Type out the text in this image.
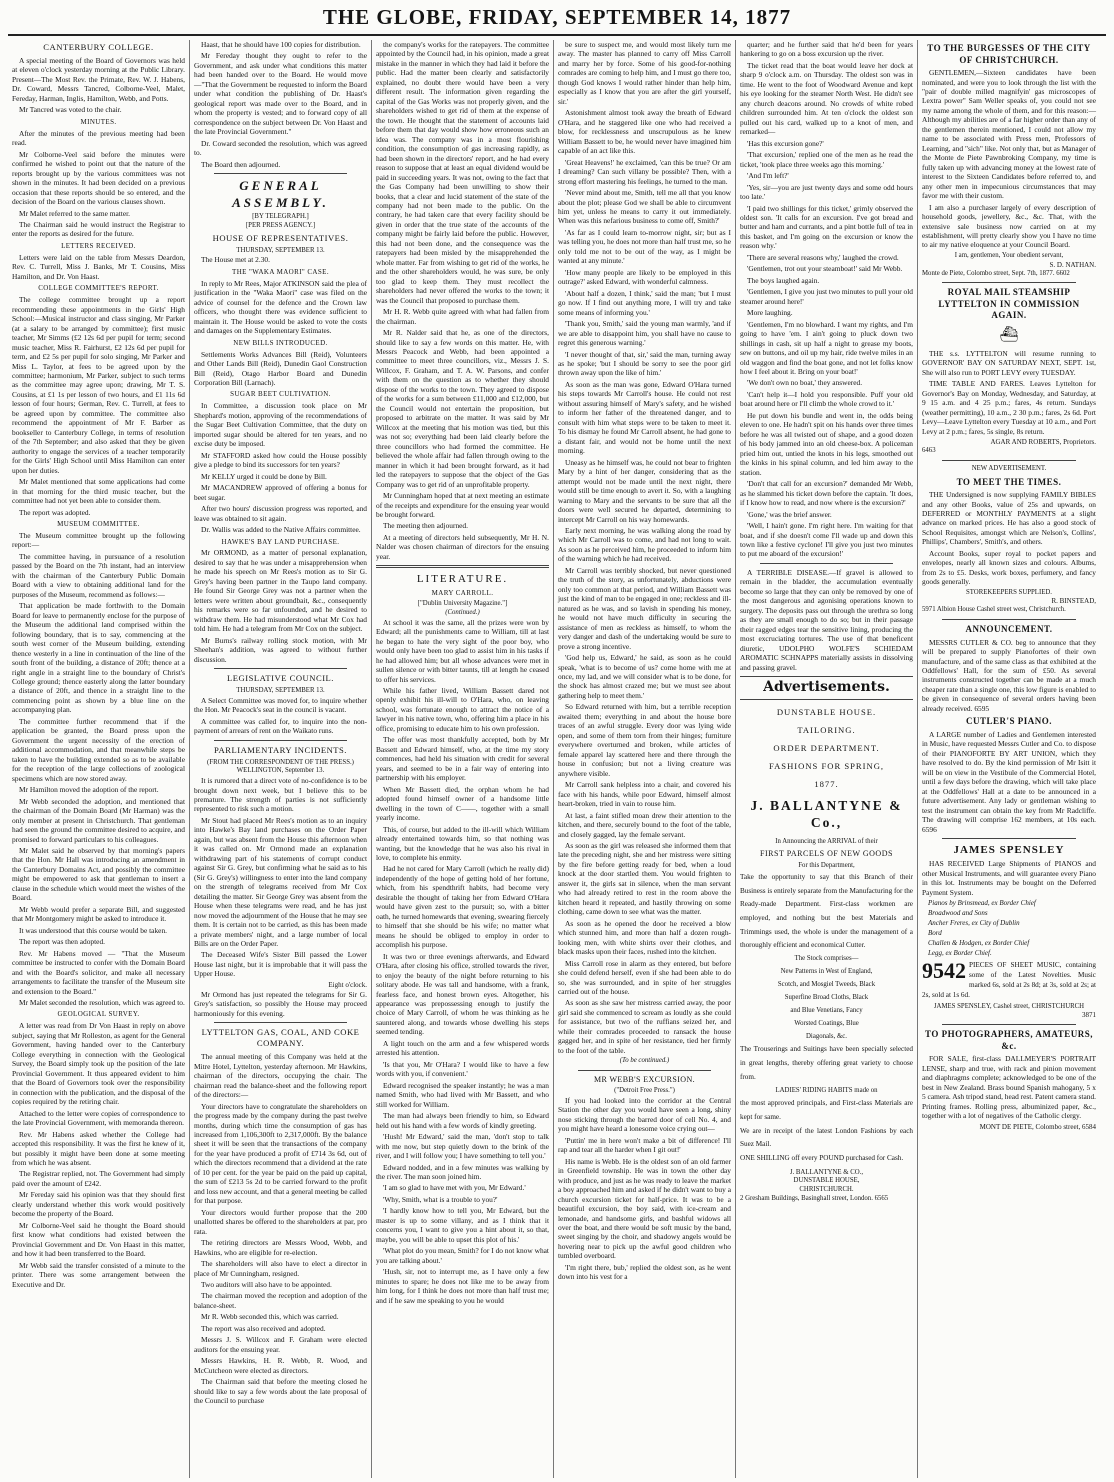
THE GLOBE, FRIDAY, SEPTEMBER 14, 1877
CANTERBURY COLLEGE.

A special meeting of the Board of Governors was held at eleven o'clock yesterday morning at the Public Library. Present—The Most Rev. the Primate, Rev. W. J. Habens, Dr. Coward, Messrs Tancred, Colborne-Veel, Malet, Fereday, Harman, Inglis, Hamilton, Webb, and Potts.

Mr Tancred was voted to the chair.

MINUTES.

After the minutes of the previous meeting had been read.

Mr Colborne-Veel said before the minutes were confirmed he wished to point out that the nature of the reports brought up by the various committees was not shown in the minutes. It had been decided on a previous occasion that these reports should be so entered, and the decision of the Board on the various clauses shown.

Mr Malet referred to the same matter.

The Chairman said he would instruct the Registrar to enter the reports as desired for the future.

LETTERS RECEIVED.

Letters were laid on the table from Messrs Deardon, Rev. C. Turrell, Miss J. Banks, Mr T. Cousins, Miss Hamilton, and Dr. Von Haast.

COLLEGE COMMITTEE'S REPORT.

The college committee brought up a report recommending these appointments in the Girls' High School:—Musical instructor and class singing, Mr Parker (at a salary to be arranged by committee); first music teacher, Mr Simms (£2 12s 6d per pupil for term; second music teacher, Miss R. Fairhurst, £2 12s 6d per pupil for term, and £2 5s per pupil for solo singing, Mr Parker and Miss L. Taylor, at fees to be agreed upon by the committee; harmonium, Mr Parker, subject to such terms as the committee may agree upon; drawing, Mr T. S. Cousins, at £1 1s per lesson of two hours, and £1 11s 6d lesson of four hours; German, Rev. C. Turrell, at fees to be agreed upon by committee. The committee also recommend the appointment of Mr F. Barber as bookseller to Canterbury College, in terms of resolution of the 7th September; and also asked that they be given authority to engage the services of a teacher temporarily for the Girls' High School until Miss Hamilton can enter upon her duties.

Mr Malet mentioned that some applications had come in that morning for the third music teacher, but the committee had not yet been able to consider them.

The report was adopted.

MUSEUM COMMITTEE.

The Museum committee brought up the following report:—

The committee having, in pursuance of a resolution passed by the Board on the 7th instant, had an interview with the chairman of the Canterbury Public Domain Board with a view to obtaining additional land for the purposes of the Museum, recommend as follows:—

That application be made forthwith to the Domain Board for leave to permanently enclose for the purpose of the Museum the additional land comprised within the following boundary, that is to say, commencing at the south west corner of the Museum building, extending thence westerly in a line in continuation of the line of the south front of the building, a distance of 20ft; thence at a right angle in a straight line to the boundary of Christ's College ground; thence easterly along the latter boundary a distance of 20ft, and thence in a straight line to the commencing point as shown by a blue line on the accompanying plan.

The committee further recommend that if the application be granted, the Board press upon the Government the urgent necessity of the erection of additional accommodation, and that meanwhile steps be taken to have the building extended so as to be available for the reception of the large collections of zoological specimens which are now stored away.

Mr Hamilton moved the adoption of the report.

Mr Webb seconded the adoption, and mentioned that the chairman of the Domain Board (Mr Harman) was the only member at present in Christchurch. That gentleman had seen the ground the committee desired to acquire, and promised to forward particulars to his colleagues.

Mr Malet said he observed by that morning's papers that the Hon. Mr Hall was introducing an amendment in the Canterbury Domains Act, and possibly the committee might be empowered to ask that gentleman to insert a clause in the schedule which would meet the wishes of the Board.

Mr Webb would prefer a separate Bill, and suggested that Mr Montgomery might be asked to introduce it.

It was understood that this course would be taken.

The report was then adopted.

Rev. Mr Habens moved — "That the Museum committee be instructed to confer with the Domain Board and with the Board's solicitor, and make all necessary arrangements to facilitate the transfer of the Museum site and extension to the Board."

Mr Malet seconded the resolution, which was agreed to.

GEOLOGICAL SURVEY.

A letter was read from Dr Von Haast in reply on above subject, saying that Mr Rolleston, as agent for the General Government, having handed over to the Canterbury College everything in connection with the Geological Survey, the Board simply took up the position of the late Provincial Government. It thus appeared evident to him that the Board of Governors took over the responsibility in connection with the publication, and the disposal of the copies required by the retiring chair.

Attached to the letter were copies of correspondence to the late Provincial Government, with memoranda thereon.

Rev. Mr Habens asked whether the College had accepted this responsibility. It was the first he knew of it, but possibly it might have been done at some meeting from which he was absent.

The Registrar replied, not. The Government had simply paid over the amount of £242.

Mr Fereday said his opinion was that they should first clearly understand whether this work would positively become the property of the Board.

Mr Colborne-Veel said he thought the Board should first know what conditions had existed between the Provincial Government and Dr. Von Haast in this matter, and how it had been transferred to the Board.

Mr Webb said the transfer consisted of a minute to the printer. There was some arrangement between the Executive and Dr.

Haast, that he should have 100 copies for distribution.

Mr Fereday thought they ought to refer to the Government, and ask under what conditions this matter had been handed over to the Board. He would move—"That the Government be requested to inform the Board under what condition the publishing of Dr. Haast's geological report was made over to the Board, and in whom the property is vested; and to forward copy of all correspondence on the subject between Dr. Von Haast and the late Provincial Government."

Dr. Coward seconded the resolution, which was agreed to.

The Board then adjourned.

GENERAL ASSEMBLY.
[BY TELEGRAPH.]
[PER PRESS AGENCY.]
HOUSE OF REPRESENTATIVES.
THURSDAY, SEPTEMBER 13.

The House met at 2.30.

THE "WAKA MAORI" CASE.

In reply to Mr Rees, Major ATKINSON said the plea of justification in the "Waka Maori" case was filed on the advice of counsel for the defence and the Crown law officers, who thought there was evidence sufficient to maintain it. The House would be asked to vote the costs and damages on the Supplementary Estimates.

NEW BILLS INTRODUCED.

Settlements Works Advances Bill (Reid), Volunteers and Other Lands Bill (Reid), Dunedin Gaol Construction Bill (Reid), Otago Harbor Board and Dunedin Corporation Bill (Larnach).

SUGAR BEET CULTIVATION.

In Committee, a discussion took place on Mr Shephard's motion, approving of the recommendations of the Sugar Beet Cultivation Committee, that the duty on imported sugar should be altered for ten years, and no excise duty be imposed.

Mr STAFFORD asked how could the House possibly give a pledge to bind its successors for ten years?

Mr KELLY urged it could be done by Bill.

Mr MACANDREW approved of offering a bonus for beet sugar.

After two hours' discussion progress was reported, and leave was obtained to sit again.

Dr. Wallis was added to the Native Affairs committee.

HAWKE'S BAY LAND PURCHASE.

Mr ORMOND, as a matter of personal explanation, desired to say that he was under a misapprehension when he made his speech on Mr Rees's motion as to Sir G. Grey's having been partner in the Taupo land company. He found Sir George Grey was not a partner when the letters were written about groundbait, &c., consequently his remarks were so far unfounded, and he desired to withdraw them. He had misunderstood what Mr Cox had told him. He had a telegram from Mr Cox on the subject.

Mr Burns's railway rolling stock motion, with Mr Sheehan's addition, was agreed to without further discussion.

LEGISLATIVE COUNCIL.
THURSDAY, SEPTEMBER 13.

A Select Committee was moved for, to inquire whether the Hon. Mr Peacock's seat in the council is vacant.

A committee was called for, to inquire into the non-payment of arrears of rent on the Waikato runs.

PARLIAMENTARY INCIDENTS.
(FROM THE CORRESPONDENT OF THE PRESS.) WELLINGTON, September 13.

It is rumored that a direct vote of no-confidence is to be brought down next week, but I believe this to be premature. The strength of parties is not sufficiently represented to risk such a motion.

Mr Stout had placed Mr Rees's motion as to an inquiry into Hawke's Bay land purchases on the Order Paper again, but was absent from the House this afternoon when it was called on. Mr Ormond made an explanation withdrawing part of his statements of corrupt conduct against Sir G. Grey, but confirming what he said as to his (Sir G. Grey's) willingness to enter into the land company on the strength of telegrams received from Mr Cox detailing the matter. Sir George Grey was absent from the House when these telegrams were read, and he has just now moved the adjournment of the House that he may see them. It is certain not to be carried, as this has been made a private members' night, and a large number of local Bills are on the Order Paper.

The Deceased Wife's Sister Bill passed the Lower House last night, but it is improbable that it will pass the Upper House.

Eight o'clock.

Mr Ormond has just repeated the telegrams for Sir G. Grey's satisfaction, so possibly the House may proceed harmoniously for this evening.

LYTTELTON GAS, COAL, AND COKE COMPANY.

The annual meeting of this Company was held at the Mitre Hotel, Lyttelton, yesterday afternoon. Mr Hawkins, chairman of the directors, occupying the chair. The chairman read the balance-sheet and the following report of the directors:—

Your directors have to congratulate the shareholders on the progress made by the company during the past twelve months, during which time the consumption of gas has increased from 1,106,300ft to 2,317,000ft. By the balance sheet it will be seen that the transactions of the company for the year have produced a profit of £714 3s 6d, out of which the directors recommend that a dividend at the rate of 10 per cent. for the year be paid on the paid up capital, the sum of £213 5s 2d to be carried forward to the profit and loss new account, and that a general meeting be called for that purpose.

Your directors would further propose that the 200 unallotted shares be offered to the shareholders at par, pro rata.

The retiring directors are Messrs Wood, Webb, and Hawkins, who are eligible for re-election.

The shareholders will also have to elect a director in place of Mr Cunningham, resigned.

Two auditors will also have to be appointed.

The chairman moved the reception and adoption of the balance-sheet.

Mr R. Webb seconded this, which was carried.

The report was also received and adopted.

Messrs J. S. Willcox and F. Graham were elected auditors for the ensuing year.

Messrs Hawkins, H. R. Webb, R. Wood, and McCutcheon were elected as directors.

The Chairman said that before the meeting closed he should like to say a few words about the late proposal of the Council to purchase

the company's works for the ratepayers. The committee appointed by the Council had, in his opinion, made a great mistake in the manner in which they had laid it before the public. Had the matter been clearly and satisfactorily explained, no doubt there would have been a very different result. The information given regarding the capital of the Gas Works was not properly given, and the shareholders wished to get rid of them at the expense of the town. He thought that the statement of accounts laid before them that day would show how erroneous such an idea was. The company was in a most flourishing condition, the consumption of gas increasing rapidly, as had been shown in the directors' report, and he had every reason to suppose that at least an equal dividend would be paid in succeeding years. It was not, owing to the fact that the Gas Company had been unwilling to show their books, that a clear and lucid statement of the state of the company had not been made to the public. On the contrary, he had taken care that every facility should be given in order that the true state of the accounts of the company might be fairly laid before the public. However, this had not been done, and the consequence was the ratepayers had been misled by the misapprehended the whole matter. Far from wishing to get rid of the works, he and the other shareholders would, he was sure, be only too glad to keep them. They must recollect the shareholders had never offered the works to the town; it was the Council that proposed to purchase them.

Mr H. R. Webb quite agreed with what had fallen from the chairman.

Mr R. Nalder said that he, as one of the directors, should like to say a few words on this matter. He, with Messrs Peacock and Webb, had been appointed a committee to meet three councillors, viz., Messrs J. S. Willcox, F. Graham, and T. A. W. Parsons, and confer with them on the question as to whether they should dispose of the works to the town. They agreed to dispose of the works for a sum between £11,000 and £12,000, but the Council would not entertain the proposition, but proposed to arbitrate on the matter. It was said by Mr Willcox at the meeting that his motion was tied, but this was not so; everything had been laid clearly before the three councillors who had formed the committee. He believed the whole affair had fallen through owing to the manner in which it had been brought forward, as it had led the ratepayers to suppose that the object of the Gas Company was to get rid of an unprofitable property.

Mr Cunningham hoped that at next meeting an estimate of the receipts and expenditure for the ensuing year would be brought forward.

The meeting then adjourned.

At a meeting of directors held subsequently, Mr H. N. Nalder was chosen chairman of directors for the ensuing year.

LITERATURE.
MARY CARROLL.
["Dublin University Magazine."]
(Continued.)

At school it was the same, all the prizes were won by Edward; all the punishments came to William, till at last he began to hate the very sight of the poor boy, who would only have been too glad to assist him in his tasks if he had allowed him; but all whose advances were met in sullen silence or with bitter taunts, till at length he ceased to offer his services.

While his father lived, William Bassett dared not openly exhibit his ill-will to O'Hara, who, on leaving school, was fortunate enough to attract the notice of a lawyer in his native town, who, offering him a place in his office, promising to educate him to his own profession.

The offer was most thankfully accepted, both by Mr Bassett and Edward himself, who, at the time my story commences, had held his situation with credit for several years, and seemed to be in a fair way of entering into partnership with his employer.

When Mr Bassett died, the orphan whom he had adopted found himself owner of a handsome little dwelling in the town of C——, together with a small yearly income.

This, of course, but added to the ill-will which William already entertained towards him, so that nothing was wanting, but the knowledge that he was also his rival in love, to complete his enmity.

Had he not cared for Mary Carroll (which he really did) independently of the hope of getting hold of her fortune, which, from his spendthrift habits, had become very desirable the thought of taking her from Edward O'Hara would have given zest to the pursuit; so, with a bitter oath, he turned homewards that evening, swearing fiercely to himself that she should be his wife; no matter what means he should be obliged to employ in order to accomplish his purpose.

It was two or three evenings afterwards, and Edward O'Hara, after closing his office, strolled towards the river, to enjoy the beauty of the night before returning to his solitary abode. He was tall and handsome, with a frank, fearless face, and honest brown eyes. Altogether, his appearance was prepossessing enough to justify the choice of Mary Carroll, of whom he was thinking as he sauntered along, and towards whose dwelling his steps seemed tending.

A light touch on the arm and a few whispered words arrested his attention.

'Is that you, Mr O'Hara? I would like to have a few words with you, if convenient.'

Edward recognised the speaker instantly; he was a man named Smith, who had lived with Mr Bassett, and who still worked for William.

The man had always been friendly to him, so Edward held out his hand with a few words of kindly greeting.

'Hush! Mr Edward,' said the man, 'don't stop to talk with me now, but step quietly down to the brink of the river, and I will follow you; I have something to tell you.'

Edward nodded, and in a few minutes was walking by the river. The man soon joined him.

'I am so glad to have met with you, Mr Edward.'

'Why, Smith, what is a trouble to you?'

'I hardly know how to tell you, Mr Edward, but the master is up to some villany, and as I think that it concerns you, I want to give you a hint about it, so that, maybe, you will be able to upset this plot of his.'

'What plot do you mean, Smith? for I do not know what you are talking about.'

'Hush, sir, not to interrupt me, as I have only a few minutes to spare; he does not like me to be away from him long, for I think he does not more than half trust me; and if he saw me speaking to you he would

be sure to suspect me, and would most likely turn me away. The master has planned to carry off Miss Carroll and marry her by force. Some of his good-for-nothing comrades are coming to help him, and I must go there too, though God knows I would rather hinder than help him, especially as I know that you are after the girl yourself, sir.'

Astonishment almost took away the breath of Edward O'Hara, and he staggered like one who had received a blow, for recklessness and unscrupulous as he knew William Bassett to be, he would never have imagined him capable of an act like this.

'Great Heavens!' he exclaimed, 'can this be true? Or am I dreaming? Can such villany be possible? Then, with a strong effort mastering his feelings, he turned to the man.

'Never mind about me, Smith, tell me all that you know about the plot; please God we shall be able to circumvent him yet, unless he means to carry it out immediately. When was this nefarious business to come off, Smith?'

'As far as I could learn to-morrow night, sir; but as I was telling you, he does not more than half trust me, so he only told me not to be out of the way, as I might be wanted at any minute.'

'How many people are likely to be employed in this outrage?' asked Edward, with wonderful calmness.

'About half a dozen, I think,' said the man; 'but I must go now. If I find out anything more, I will try and take some means of informing you.'

'Thank you, Smith,' said the young man warmly, 'and if we are able to disappoint him, you shall have no cause to regret this generous warning.'

'I never thought of that, sir,' said the man, turning away as he spoke; 'but I should be sorry to see the poor girl thrown away upon the like of him.'

As soon as the man was gone, Edward O'Hara turned his steps towards Mr Carroll's house. He could not rest without assuring himself of Mary's safety, and he wished to inform her father of the threatened danger, and to consult with him what steps were to be taken to meet it. To his dismay he found Mr Carroll absent, he had gone to a distant fair, and would not be home until the next morning.

Uneasy as he himself was, he could not bear to frighten Mary by a hint of her danger, considering that as the attempt would not be made until the next night, there would still be time enough to avert it. So, with a laughing warning to Mary and the servants to be sure that all the doors were well secured he departed, determining to intercept Mr Carroll on his way homewards.

Early next morning, he was walking along the road by which Mr Carroll was to come, and had not long to wait. As soon as he perceived him, he proceeded to inform him of the warning which he had received.

Mr Carroll was terribly shocked, but never questioned the truth of the story, as unfortunately, abductions were only too common at that period, and William Bassett was just the kind of man to be engaged in one; reckless and ill-natured as he was, and so lavish in spending his money, he would not have much difficulty in securing the assistance of men as reckless as himself, to whom the very danger and dash of the undertaking would be sure to prove a strong incentive.

'God help us, Edward,' he said, as soon as he could speak, 'what is to become of us? come home with me at once, my lad, and we will consider what is to be done, for the shock has almost crazed me; but we must see about gathering help to meet them.'

So Edward returned with him, but a terrible reception awaited them; everything in and about the house bore traces of an awful struggle. Every door was lying wide open, and some of them torn from their hinges; furniture everywhere overturned and broken, while articles of female apparel lay scattered here and there through the house in confusion; but not a living creature was anywhere visible.

Mr Carroll sank helpless into a chair, and covered his face with his hands, while poor Edward, himself almost heart-broken, tried in vain to rouse him.

At last, a faint stifled moan drew their attention to the kitchen, and there, securely bound to the foot of the table, and closely gagged, lay the female servant.

As soon as the girl was released she informed them that late the preceding night, she and her mistress were sitting by the fire before getting ready for bed, when a loud knock at the door startled them. You would frighten to answer it, the girls sat in silence, when the man servant who had already retired to rest in the room above the kitchen heard it repeated, and hastily throwing on some clothing, came down to see what was the matter.

As soon as he opened the door he received a blow which stunned him, and more than half a dozen rough-looking men, with white shirts over their clothes, and black masks upon their faces, rushed into the kitchen.

Miss Carroll rose in alarm as they entered, but before she could defend herself, even if she had been able to do so, she was surrounded, and in spite of her struggles carried out of the house.

As soon as she saw her mistress carried away, the poor girl said she commenced to scream as loudly as she could for assistance, but two of the ruffians seized her, and while their comrades proceeded to ransack the house gagged her, and in spite of her resistance, tied her firmly to the foot of the table.

(To be continued.)
MR WEBB'S EXCURSION.
("Detroit Free Press.")

If you had looked into the corridor at the Central Station the other day you would have seen a long, shiny nose sticking through the barred door of cell No. 4, and you might have heard a lonesome voice crying out—

'Puttin' me in here won't make a bit of difference! I'll rap and tear all the harder when I git out!'

His name is Webb. He is the oldest son of an old farmer in Greenfield township. He was in town the other day with produce, and just as he was ready to leave the market a boy approached him and asked if he didn't want to buy a church excursion ticket for half-price. It was to be a beautiful excursion, the boy said, with ice-cream and lemonade, and handsome girls, and bashful widows all over the boat, and there would be soft music by the band, sweet singing by the choir, and shadowy angels would be hovering near to pick up the awful good children who tumbled overboard.

'I'm right there, bub,' replied the oldest son, as he went down into his vest for a

quarter; and he further said that he'd been for years hankering to go on a boss excursion up the river.

The ticket read that the boat would leave her dock at sharp 9 o'clock a.m. on Thursday. The oldest son was in time. He went to the foot of Woodward Avenue and kept his eye looking for the steamer North West. He didn't see any church deacons around. No crowds of white robed children surrounded him. At ten o'clock the oldest son pulled out his card, walked up to a knot of men, and remarked—

'Has this excursion gone?'

'That excursion,' replied one of the men as he read the ticket, 'took place three weeks ago this morning.'

'And I'm left?'

'Yes, sir—you are just twenty days and some odd hours too late.'

'I paid two shillings for this ticket,' grimly observed the oldest son. 'It calls for an excursion. I've got bread and butter and ham and currants, and a pint bottle full of tea in this basket, and I'm going on the excursion or know the reason why.'

'There are several reasons why,' laughed the crowd.

'Gentlemen, trot out your steamboat!' said Mr Webb.

The boys laughed again.

'Gentlemen, I give you just two minutes to pull your old steamer around here!'

More laughing.

'Gentlemen, I'm no blowhard. I want my rights, and I'm going to have 'em. I ain't going to pluck down two shillings in cash, sit up half a night to grease my boots, sew on buttons, and oil up my hair, ride twelve miles in an old waggon and find the boat gone, and not let folks know how I feel about it. Bring on your boat!'

'We don't own no boat,' they answered.

'Can't help it—I hold you responsible. Puff your old boat around here or I'll climb the whole crowd to it.'

He put down his bundle and went in, the odds being eleven to one. He hadn't spit on his hands over three times before he was all twisted out of shape, and a good dozen of his body jammed into an old cheese-box. A policeman pried him out, untied the knots in his legs, smoothed out the kinks in his spinal column, and led him away to the station.

'Don't that call for an excursion?' demanded Mr Webb, as he slammed his ticket down before the captain. 'It does, if I know how to read, and now where is the excursion?'

'Gone,' was the brief answer.

'Well, I hain't gone. I'm right here. I'm waiting for that boat, and if she doesn't come I'll wade up and down this town like a festive cyclone! I'll give you just two minutes to put me aboard of the excursion!'

A TERRIBLE DISEASE.—If gravel is allowed to remain in the bladder, the accumulation eventually become so large that they can only be removed by one of the most dangerous and agonising operations known to surgery. The deposits pass out through the urethra so long as they are small enough to do so; but in their passage their ragged edges tear the sensitive lining, producing the most excruciating tortures. The use of that beneficent diuretic, UDOLPHO WOLFE'S SCHIEDAM AROMATIC SCHNAPPS materially assists in dissolving and passing gravel.

Advertisements.
DUNSTABLE HOUSE.
TAILORING.
ORDER DEPARTMENT.
FASHIONS FOR SPRING,
1877.
J. BALLANTYNE & Co.,
In Announcing the ARRIVAL of their
FIRST PARCELS OF NEW GOODS
For this Department,
Take the opportunity to say that this Branch of their Business is entirely separate from the Manufacturing for the Ready-made Department. First-class workmen are employed, and nothing but the best Materials and Trimmings used, the whole is under the management of a thoroughly efficient and economical Cutter.
The Stock comprises—
New Patterns in West of England,
Scotch, and Mosgiel Tweeds, Black
Superfine Broad Cloths, Black
and Blue Venetians, Fancy
Worsted Coatings, Blue
Diagonals, &c.
The Trouserings and Suitings have been specially selected in great lengths, thereby offering great variety to choose from.
LADIES' RIDING HABITS made on
the most approved principals, and First-class Materials are kept for same.
We are in receipt of the latest London Fashions by each Suez Mail.
ONE SHILLING off every POUND purchased for Cash.
J. BALLANTYNE & CO.,
DUNSTABLE HOUSE,
CHRISTCHURCH.
2 Gresham Buildings, Basinghall street, London. 6565
TO THE BURGESSES OF THE CITY OF CHRISTCHURCH.

GENTLEMEN,—Sixteen candidates have been nominated, and were you to look through the list with the "pair of double milled magnifyin' gas microscopes of Lextra power" Sam Weller speaks of, you could not see my name among the whole of them, and for this reason:—Although my abilities are of a far higher order than any of the gentlemen therein mentioned, I could not allow my name to be associated with Press men, Professors of Learning, and "sich" like. Not only that, but as Manager of the Monte de Piete Pawnbroking Company, my time is fully taken up with advancing money at the lowest rate of interest to the Sixteen Candidates before referred to, and any other men in impecunious circumstances that may favor me with their custom.

I am also a purchaser largely of every description of household goods, jewellery, &c., &c. That, with the extensive sale business now carried on at my establishment, will pretty clearly show you I have no time to air my native eloquence at your Council Board.

I am, gentlemen, Your obedient servant,
S. D. NATHAN.
Monte de Piete, Colombo street, Sept. 7th, 1877. 6602
ROYAL MAIL STEAMSHIP LYTTELTON IN COMMISSION AGAIN.
⛴

THE s.s. LYTTELTON will resume running to GOVERNOR' BAY ON SATURDAY NEXT, SEPT. 1st, She will also run to PORT LEVY every TUESDAY.

TIME TABLE AND FARES. Leaves Lyttelton for Governor's Bay on Monday, Wednesday, and Saturday, at 9 15 a.m. and 4 25 p.m.; fares, 4s return. Sundays (weather permitting), 10 a.m., 2 30 p.m.; fares, 2s 6d. Port Levy—Leave Lyttelton every Tuesday at 10 a.m., and Port Levy at 2 p.m.; fares, 5s single, 8s return.

AGAR AND ROBERTS, Proprietors.
6463
NEW ADVERTISEMENT.
TO MEET THE TIMES.

THE Undersigned is now supplying FAMILY BIBLES and any other Books, value of 25s and upwards, on DEFERRED or MONTHLY PAYMENTS at a slight advance on marked prices. He has also a good stock of School Requisites, amongst which are Nelson's, Collins', Phillips', Chambers', Smith's, and others.

Account Books, super royal to pocket papers and envelopes, nearly all known sizes and colours. Albums, from 2s to £5. Desks, work boxes, perfumery, and fancy goods generally.

STOREKEEPERS SUPPLIED.
R. BINSTEAD,
5971 Albion House Cashel street west, Christchurch.
ANNOUNCEMENT.

MESSRS CUTLER & CO. beg to announce that they will be prepared to supply Pianofortes of their own manufacture, and of the same class as that exhibited at the Oddfellows' Hall, for the sum of £50. As several instruments constructed together can be made at a much cheaper rate than a single one, this low figure is enabled to be given in consequence of several orders having been already received. 6595

CUTLER'S PIANO.

A LARGE number of Ladies and Gentlemen interested in Music, have requested Messrs Cutler and Co. to dispose of their PIANOFORTE BY ART UNION, which they have resolved to do. By the kind permission of Mr Isitt it will be on view in the Vestibule of the Commercial Hotel, until a few days before the drawing, which will take place at the Oddfellows' Hall at a date to be announced in a future advertisement. Any lady or gentleman wishing to test the instrument can obtain the key from Mr Radcliffe. The drawing will comprise 162 members, at 10s each. 6596

JAMES SPENSLEY

HAS RECEIVED Large Shipments of PIANOS and other Musical Instruments, and will guarantee every Piano in this lot. Instruments may be bought on the Deferred Payment System.

Pianos by Brinsmead, ex Border Chief
Broadwood and Sons
Ancher Freres, ex City of Dublin
Bord
Challen & Hodgen, ex Border Chief
Legg, ex Border Chief.
9542 PIECES OF SHEET MUSIC, containing some of the Latest Novelties. Music marked 6s, sold at 2s 8d; at 3s, sold at 2s; at 2s, sold at 1s 6d.
JAMES SPENSLEY, Cashel street, CHRISTCHURCH
3871
TO PHOTOGRAPHERS, AMATEURS, &c.

FOR SALE, first-class DALLMEYER'S PORTRAIT LENSE, sharp and true, with rack and pinion movement and diaphragms complete; acknowledged to be one of the best in New Zealand. Brass bound Spanish mahogany, 5 x 5 camera. Ash tripod stand, head rest. Patent camera stand. Printing frames. Rolling press, albuminized paper, &c., together with a lot of negatives of the Catholic clergy.

MONT DE PIETE, Colombo street, 6584
